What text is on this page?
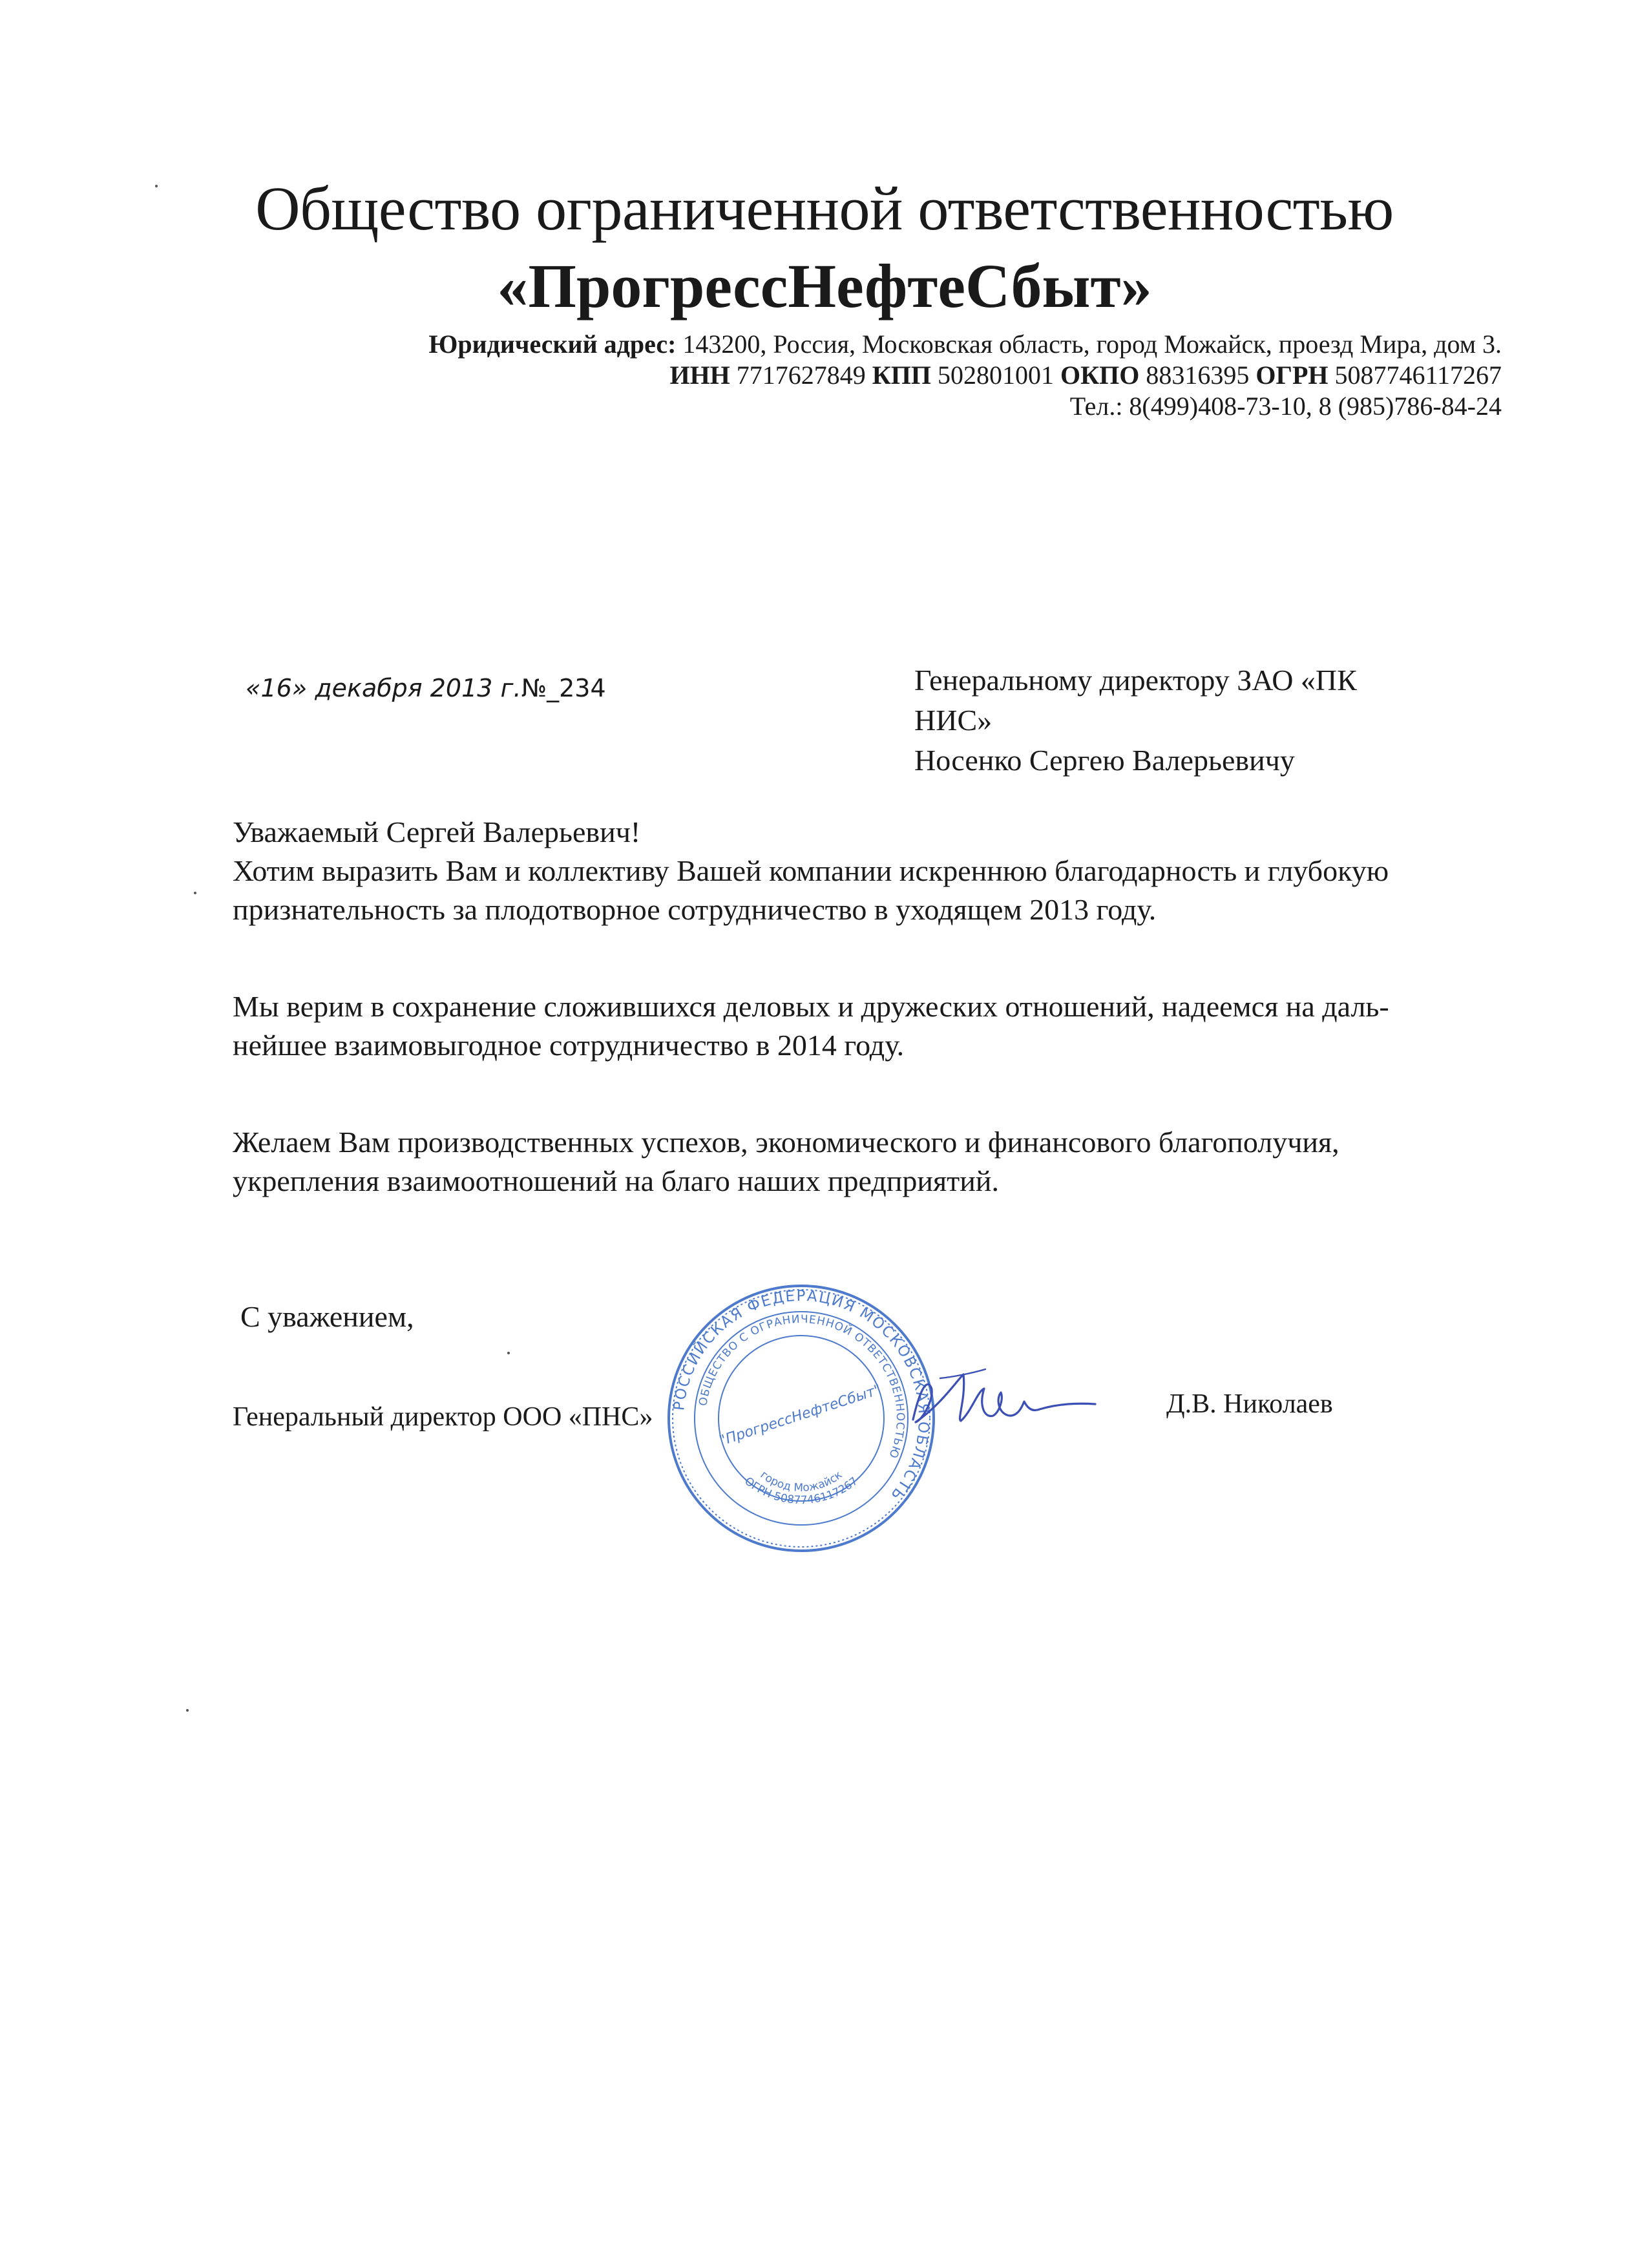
Общество ограниченной ответственностью
«ПрогрессНефтеСбыт»
Юридический адрес: 143200, Россия, Московская область, город Можайск, проезд Мира, дом 3.
ИНН 7717627849 КПП 502801001 ОКПО 88316395 ОГРН 5087746117267
Тел.: 8(499)408-73-10, 8 (985)786-84-24
«16» декабря 2013 г.№_234	Генеральному директору ЗАО «ПК
НИС»
Носенко Сергею Валерьевичу

Уважаемый Сергей Валерьевич!

Хотим выразить Вам и коллективу Вашей компании искреннюю благодарность и глубокую

признательность за плодотворное сотрудничество в уходящем 2013 году.

Мы верим в сохранение сложившихся деловых и дружеских отношений, надеемся на даль-

нейшее взаимовыгодное сотрудничество в 2014 году.

Желаем Вам производственных успехов, экономического и финансового благополучия,

укрепления взаимоотношений на благо наших предприятий.

С уважением,
Генеральный директор ООО «ПНС»	Д.В. Николаев
РОССИЙСКАЯ ФЕДЕРАЦИЯ МОСКОВСКАЯ ОБЛАСТЬ
ОБЩЕСТВО С ОГРАНИЧЕННОЙ ОТВЕТСТВЕННОСТЬЮ
"ПрогрессНефтеСбыт"
ОГРН 5087746117267
город Можайск
